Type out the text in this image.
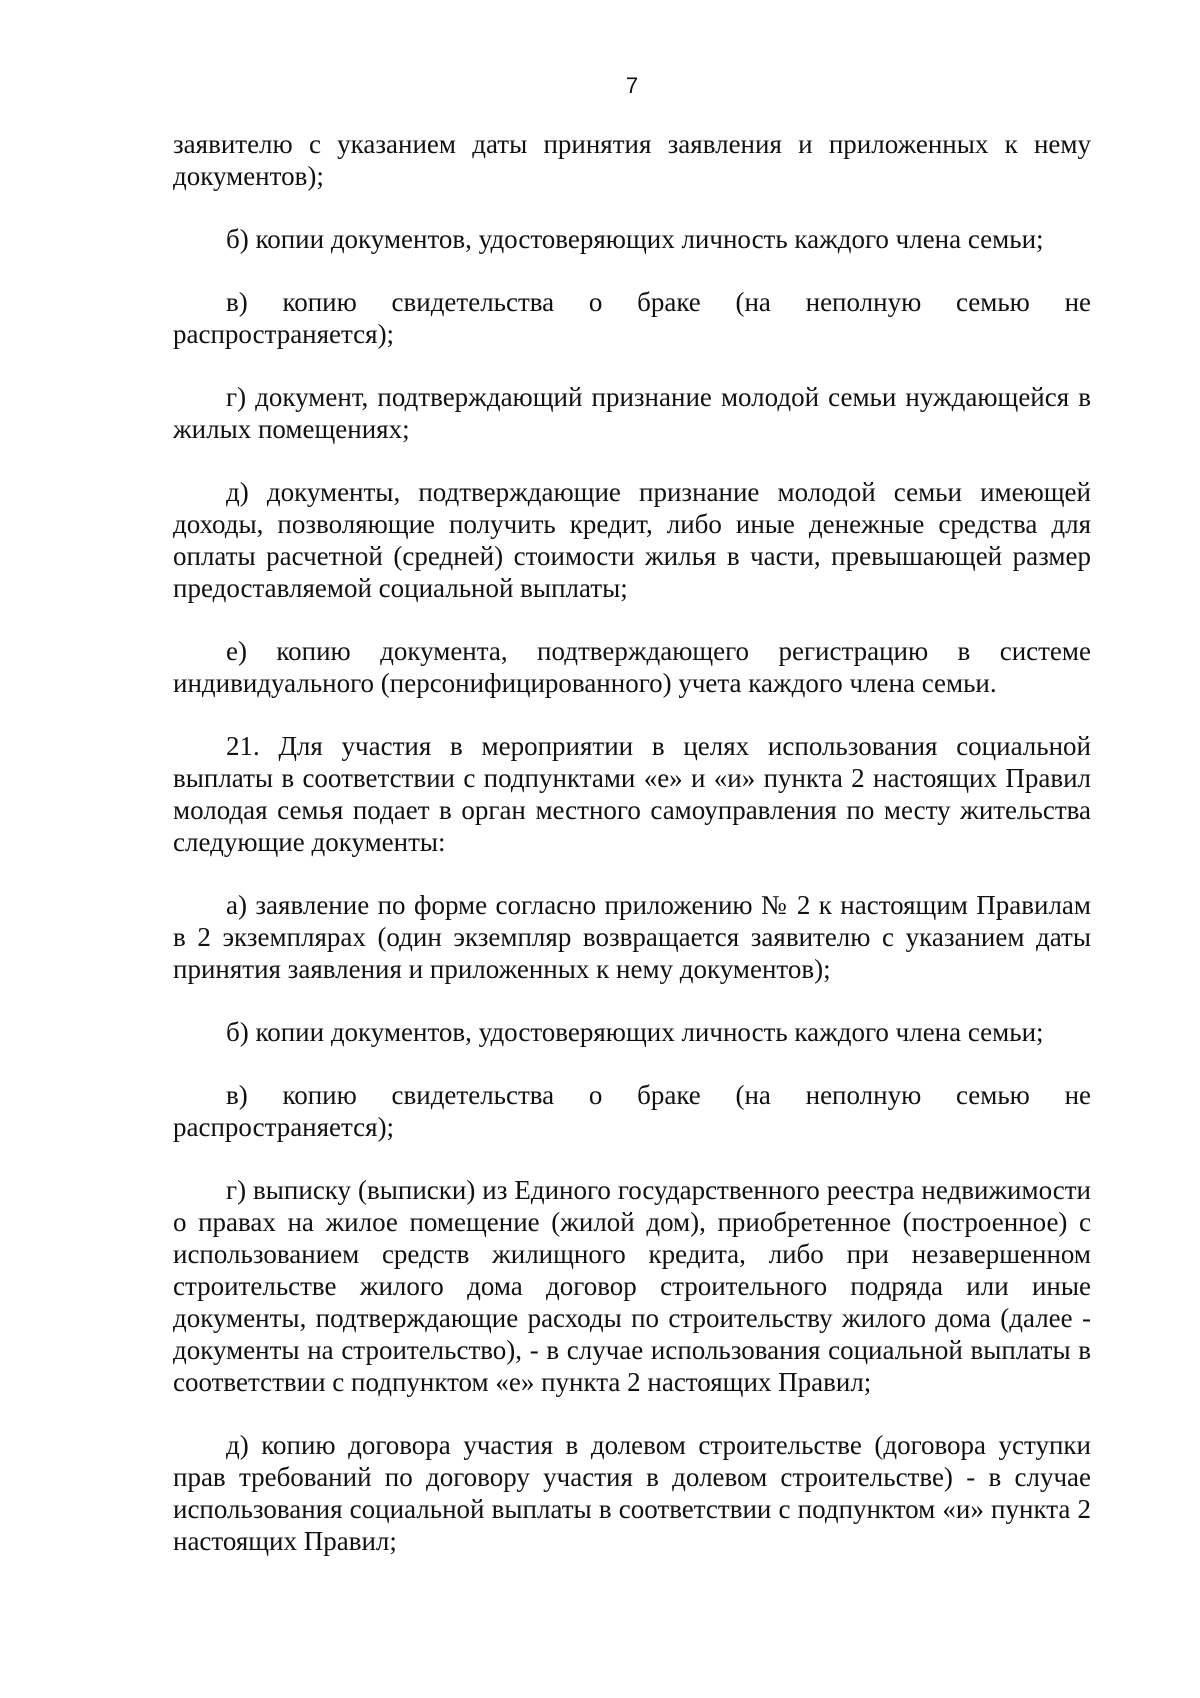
7

заявителю с указанием даты принятия заявления и приложенных к нему документов);

б) копии документов, удостоверяющих личность каждого члена семьи;

в) копию свидетельства о браке (на неполную семью не распространяется);

г) документ, подтверждающий признание молодой семьи нуждающейся в жилых помещениях;

д) документы, подтверждающие признание молодой семьи имеющей доходы, позволяющие получить кредит, либо иные денежные средства для оплаты расчетной (средней) стоимости жилья в части, превышающей размер предоставляемой социальной выплаты;

е) копию документа, подтверждающего регистрацию в системе индивидуального (персонифицированного) учета каждого члена семьи.

21. Для участия в мероприятии в целях использования социальной выплаты в соответствии с подпунктами «е» и «и» пункта 2 настоящих Правил молодая семья подает в орган местного самоуправления по месту жительства следующие документы:

а) заявление по форме согласно приложению № 2 к настоящим Правилам в 2 экземплярах (один экземпляр возвращается заявителю с указанием даты принятия заявления и приложенных к нему документов);

б) копии документов, удостоверяющих личность каждого члена семьи;

в) копию свидетельства о браке (на неполную семью не распространяется);

г) выписку (выписки) из Единого государственного реестра недвижимости о правах на жилое помещение (жилой дом), приобретенное (построенное) с использованием средств жилищного кредита, либо при незавершенном строительстве жилого дома договор строительного подряда или иные документы, подтверждающие расходы по строительству жилого дома (далее - документы на строительство), - в случае использования социальной выплаты в соответствии с подпунктом «е» пункта 2 настоящих Правил;

д) копию договора участия в долевом строительстве (договора уступки прав требований по договору участия в долевом строительстве) - в случае использования социальной выплаты в соответствии с подпунктом «и» пункта 2 настоящих Правил;
